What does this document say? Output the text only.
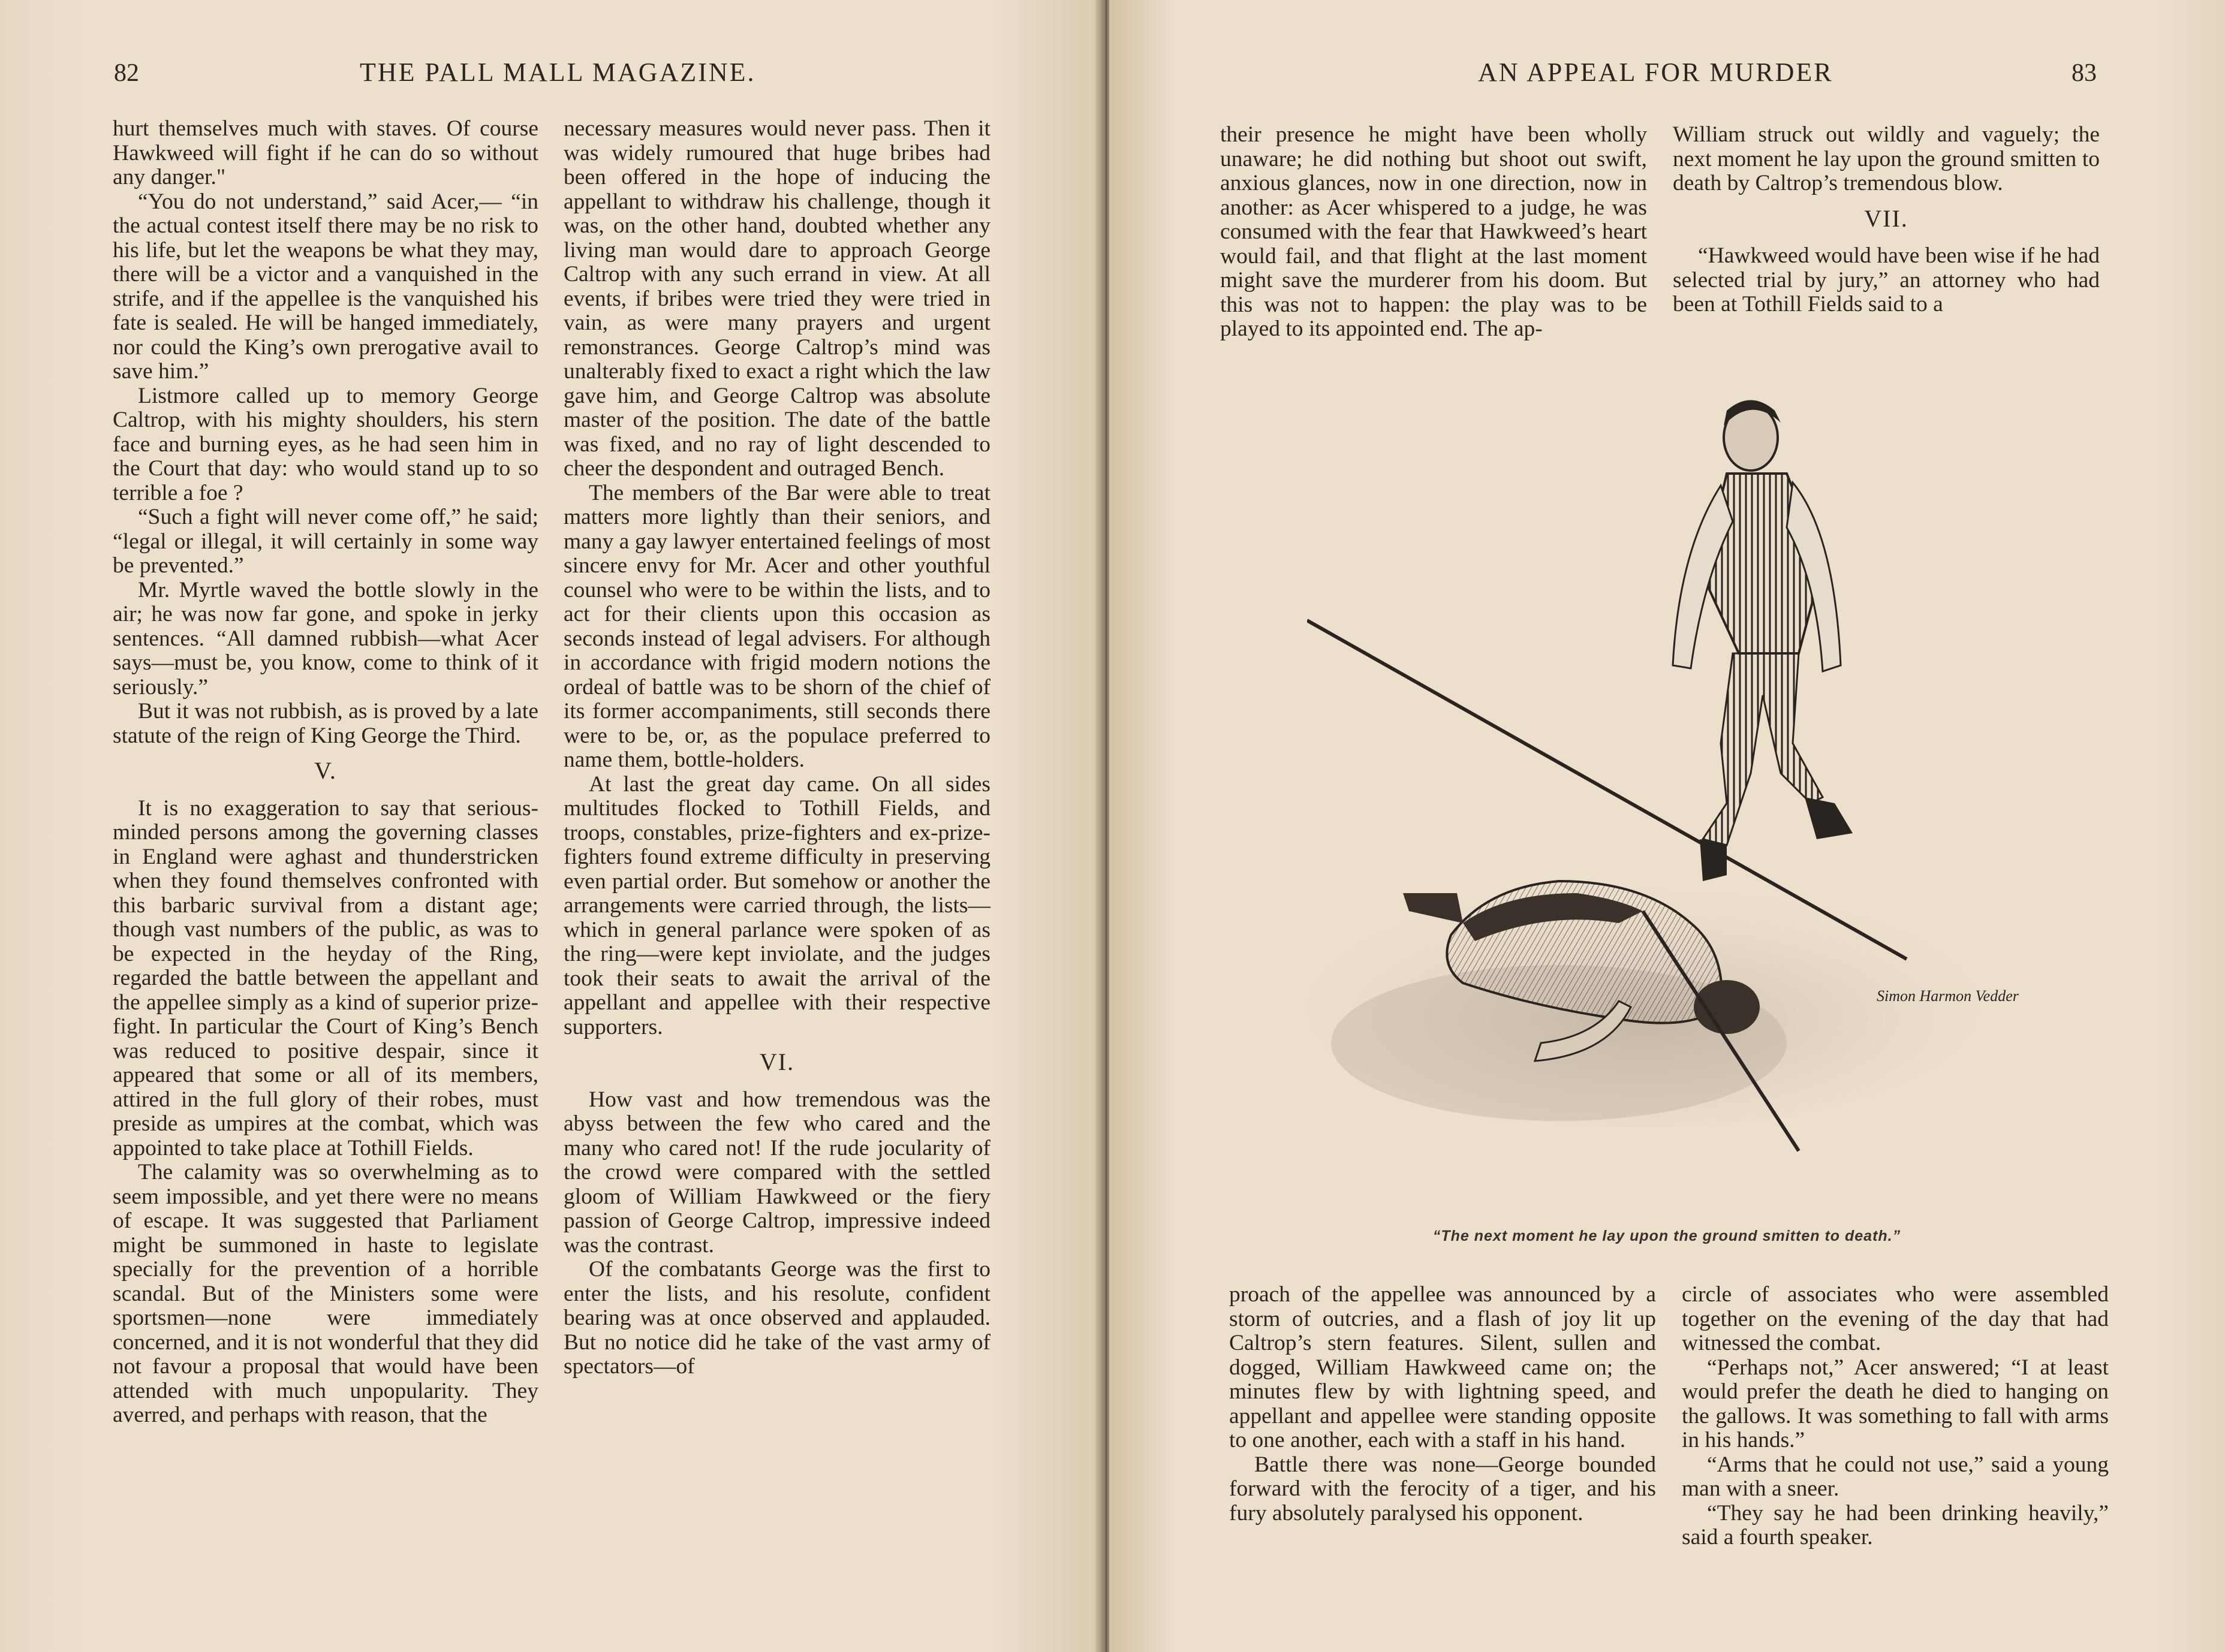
82	THE PALL MALL MAGAZINE.

hurt themselves much with staves. Of course Hawkweed will fight if he can do so without any danger."

“You do not understand,” said Acer,— “in the actual contest itself there may be no risk to his life, but let the weapons be what they may, there will be a victor and a vanquished in the strife, and if the appellee is the vanquished his fate is sealed. He will be hanged immediately, nor could the King’s own prerogative avail to save him.”

Listmore called up to memory George Caltrop, with his mighty shoulders, his stern face and burning eyes, as he had seen him in the Court that day: who would stand up to so terrible a foe ?

“Such a fight will never come off,” he said; “legal or illegal, it will certainly in some way be prevented.”

Mr. Myrtle waved the bottle slowly in the air; he was now far gone, and spoke in jerky sentences. “All damned rubbish—what Acer says—must be, you know, come to think of it seriously.”

But it was not rubbish, as is proved by a late statute of the reign of King George the Third.

V.

It is no exaggeration to say that serious-minded persons among the governing classes in England were aghast and thunderstricken when they found themselves confronted with this barbaric survival from a distant age; though vast numbers of the public, as was to be expected in the heyday of the Ring, regarded the battle between the appellant and the appellee simply as a kind of superior prize-fight. In particular the Court of King’s Bench was reduced to positive despair, since it appeared that some or all of its members, attired in the full glory of their robes, must preside as umpires at the combat, which was appointed to take place at Tothill Fields.

The calamity was so overwhelming as to seem impossible, and yet there were no means of escape. It was suggested that Parliament might be summoned in haste to legislate specially for the prevention of a horrible scandal. But of the Ministers some were sportsmen—none were immediately concerned, and it is not wonderful that they did not favour a proposal that would have been attended with much unpopularity. They averred, and perhaps with reason, that the

necessary measures would never pass. Then it was widely rumoured that huge bribes had been offered in the hope of inducing the appellant to withdraw his challenge, though it was, on the other hand, doubted whether any living man would dare to approach George Caltrop with any such errand in view. At all events, if bribes were tried they were tried in vain, as were many prayers and urgent remonstrances. George Caltrop’s mind was unalterably fixed to exact a right which the law gave him, and George Caltrop was absolute master of the position. The date of the battle was fixed, and no ray of light descended to cheer the despondent and outraged Bench.

The members of the Bar were able to treat matters more lightly than their seniors, and many a gay lawyer entertained feelings of most sincere envy for Mr. Acer and other youthful counsel who were to be within the lists, and to act for their clients upon this occasion as seconds instead of legal advisers. For although in accordance with frigid modern notions the ordeal of battle was to be shorn of the chief of its former accompaniments, still seconds there were to be, or, as the populace preferred to name them, bottle-holders.

At last the great day came. On all sides multitudes flocked to Tothill Fields, and troops, constables, prize-fighters and ex-prize-fighters found extreme difficulty in preserving even partial order. But somehow or another the arrangements were carried through, the lists—which in general parlance were spoken of as the ring—were kept inviolate, and the judges took their seats to await the arrival of the appellant and appellee with their respective supporters.

VI.

How vast and how tremendous was the abyss between the few who cared and the many who cared not! If the rude jocularity of the crowd were compared with the settled gloom of William Hawkweed or the fiery passion of George Caltrop, impressive indeed was the contrast.

Of the combatants George was the first to enter the lists, and his resolute, confident bearing was at once observed and applauded. But no notice did he take of the vast army of spectators—of

AN APPEAL FOR MURDER	83

their presence he might have been wholly unaware; he did nothing but shoot out swift, anxious glances, now in one direction, now in another: as Acer whispered to a judge, he was consumed with the fear that Hawkweed’s heart would fail, and that flight at the last moment might save the murderer from his doom. But this was not to happen: the play was to be played to its appointed end. The ap-

William struck out wildly and vaguely; the next moment he lay upon the ground smitten to death by Caltrop’s tremendous blow.

VII.

“Hawkweed would have been wise if he had selected trial by jury,” an attorney who had been at Tothill Fields said to a

proach of the appellee was announced by a storm of outcries, and a flash of joy lit up Caltrop’s stern features. Silent, sullen and dogged, William Hawkweed came on; the minutes flew by with lightning speed, and appellant and appellee were standing opposite to one another, each with a staff in his hand.

Battle there was none—George bounded forward with the ferocity of a tiger, and his fury absolutely paralysed his opponent.

circle of associates who were assembled together on the evening of the day that had witnessed the combat.

“Perhaps not,” Acer answered; “I at least would prefer the death he died to hanging on the gallows. It was something to fall with arms in his hands.”

“Arms that he could not use,” said a young man with a sneer.

“They say he had been drinking heavily,” said a fourth speaker.

Simon Harmon Vedder
“The next moment he lay upon the ground smitten to death.”
